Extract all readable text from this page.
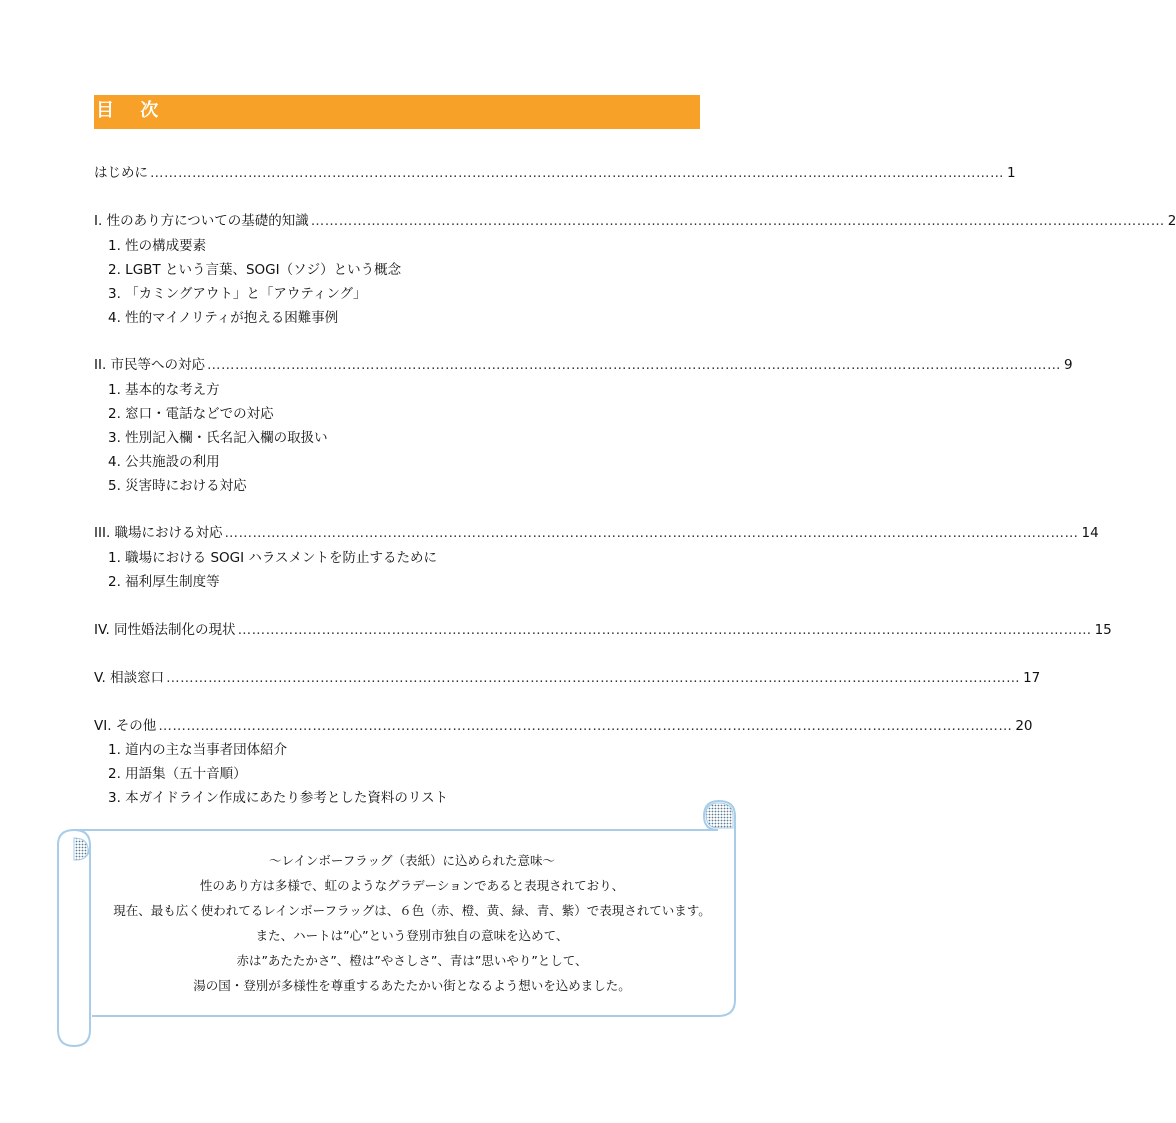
目 次
はじめに ………………………………………………………………………………………………………………………………………………………………… 1
I. 性のあり方についての基礎的知識 ………………………………………………………………………………………………………………………………………………………………… 2
1. 性の構成要素
2. LGBT という言葉、SOGI（ソジ）という概念
3. 「カミングアウト」と「アウティング」
4. 性的マイノリティが抱える困難事例
II. 市民等への対応 ………………………………………………………………………………………………………………………………………………………………… 9
1. 基本的な考え方
2. 窓口・電話などでの対応
3. 性別記入欄・氏名記入欄の取扱い
4. 公共施設の利用
5. 災害時における対応
III. 職場における対応 ………………………………………………………………………………………………………………………………………………………………… 14
1. 職場における SOGI ハラスメントを防止するために
2. 福利厚生制度等
IV. 同性婚法制化の現状 ………………………………………………………………………………………………………………………………………………………………… 15
V. 相談窓口 ………………………………………………………………………………………………………………………………………………………………… 17
VI. その他 ………………………………………………………………………………………………………………………………………………………………… 20
1. 道内の主な当事者団体紹介
2. 用語集（五十音順）
3. 本ガイドライン作成にあたり参考とした資料のリスト
～レインボーフラッグ（表紙）に込められた意味～
性のあり方は多様で、虹のようなグラデーションであると表現されており、
現在、最も広く使われてるレインボーフラッグは、６色（赤、橙、黄、緑、青、紫）で表現されています。
また、ハートは”心”という登別市独自の意味を込めて、
赤は”あたたかさ”、橙は”やさしさ”、青は”思いやり”として、
湯の国・登別が多様性を尊重するあたたかい街となるよう想いを込めました。
